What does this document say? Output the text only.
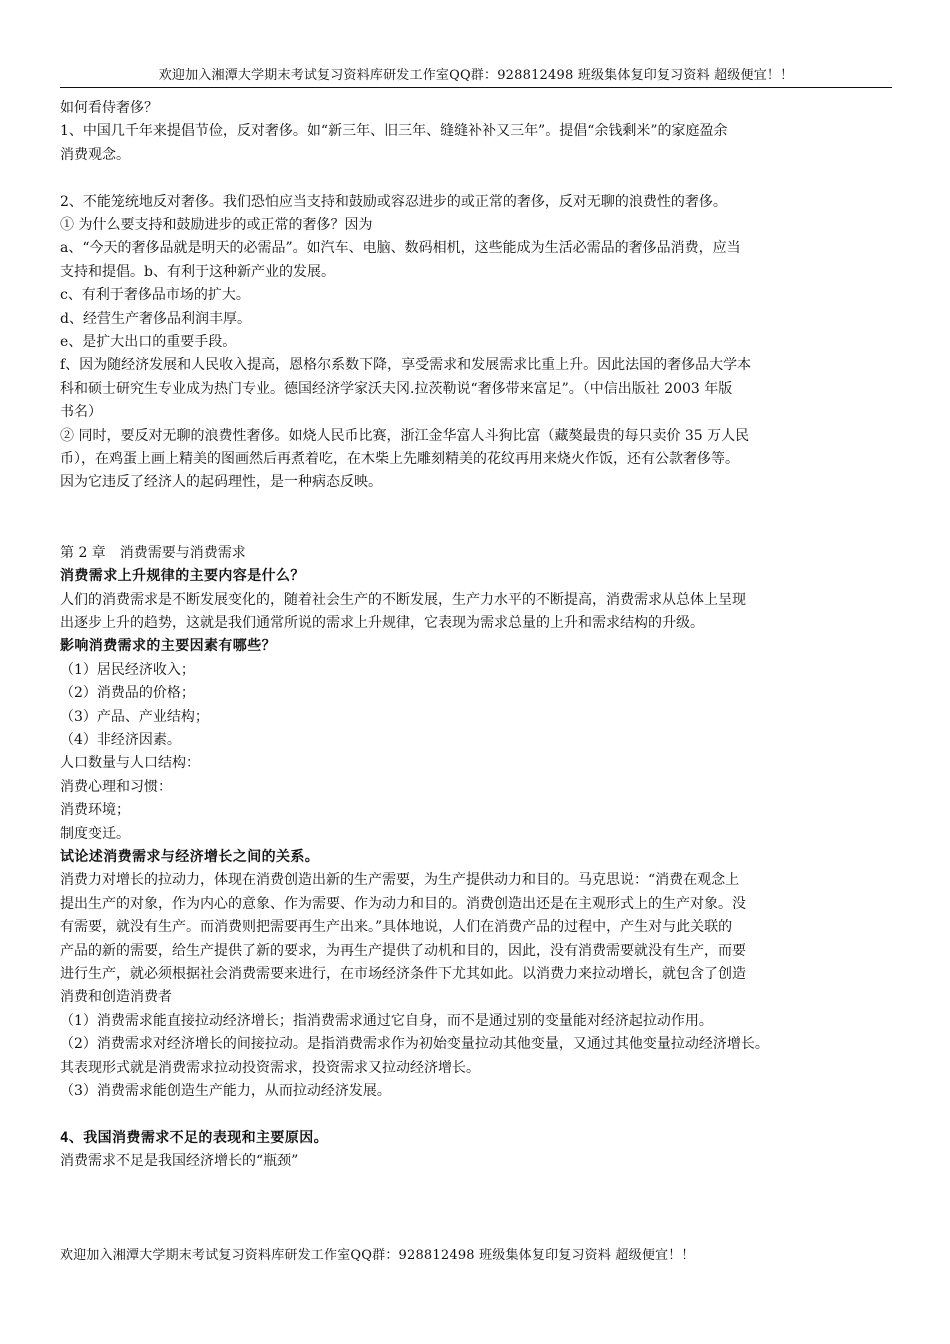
欢迎加入湘潭大学期末考试复习资料库研发工作室QQ群：928812498 班级集体复印复习资料 超级便宜！！

如何看侍奢侈？

1、中国几千年来提倡节俭，反对奢侈。如“新三年、旧三年、缝缝补补又三年”。提倡“余钱剩米”的家庭盈余

消费观念。

2、不能笼统地反对奢侈。我们恐怕应当支持和鼓励或容忍进步的或正常的奢侈，反对无聊的浪费性的奢侈。

① 为什么要支持和鼓励进步的或正常的奢侈？因为

a、“今天的奢侈品就是明天的必需品”。如汽车、电脑、数码相机，这些能成为生活必需品的奢侈品消费，应当

支持和提倡。b、有利于这种新产业的发展。

c、有利于奢侈品市场的扩大。

d、经营生产奢侈品利润丰厚。

e、是扩大出口的重要手段。

f、因为随经济发展和人民收入提高，恩格尔系数下降，享受需求和发展需求比重上升。因此法国的奢侈品大学本

科和硕士研究生专业成为热门专业。德国经济学家沃夫冈.拉茨勒说“奢侈带来富足”。（中信出版社 2003 年版

书名）

② 同时，要反对无聊的浪费性奢侈。如烧人民币比赛，浙江金华富人斗狗比富（藏獒最贵的每只卖价 35 万人民

币），在鸡蛋上画上精美的图画然后再煮着吃，在木柴上先雕刻精美的花纹再用来烧火作饭，还有公款奢侈等。

因为它违反了经济人的起码理性，是一种病态反映。

第 2 章　消费需要与消费需求

消费需求上升规律的主要内容是什么？

人们的消费需求是不断发展变化的，随着社会生产的不断发展，生产力水平的不断提高，消费需求从总体上呈现

出逐步上升的趋势，这就是我们通常所说的需求上升规律，它表现为需求总量的上升和需求结构的升级。

影响消费需求的主要因素有哪些？

（1）居民经济收入；

（2）消费品的价格；

（3）产品、产业结构；

（4）非经济因素。

人口数量与人口结构：

消费心理和习惯：

消费环境；

制度变迁。

试论述消费需求与经济增长之间的关系。

消费力对增长的拉动力，体现在消费创造出新的生产需要，为生产提供动力和目的。马克思说：“消费在观念上

提出生产的对象，作为内心的意象、作为需要、作为动力和目的。消费创造出还是在主观形式上的生产对象。没

有需要，就没有生产。而消费则把需要再生产出来。”具体地说，人们在消费产品的过程中，产生对与此关联的

产品的新的需要，给生产提供了新的要求，为再生产提供了动机和目的，因此，没有消费需要就没有生产，而要

进行生产，就必须根据社会消费需要来进行，在市场经济条件下尤其如此。以消费力来拉动增长，就包含了创造

消费和创造消费者

（1）消费需求能直接拉动经济增长；指消费需求通过它自身，而不是通过别的变量能对经济起拉动作用。

（2）消费需求对经济增长的间接拉动。是指消费需求作为初始变量拉动其他变量，又通过其他变量拉动经济增长。

其表现形式就是消费需求拉动投资需求，投资需求又拉动经济增长。

（3）消费需求能创造生产能力，从而拉动经济发展。

4、我国消费需求不足的表现和主要原因。

消费需求不足是我国经济增长的“瓶颈”

欢迎加入湘潭大学期末考试复习资料库研发工作室QQ群：928812498 班级集体复印复习资料 超级便宜！！
